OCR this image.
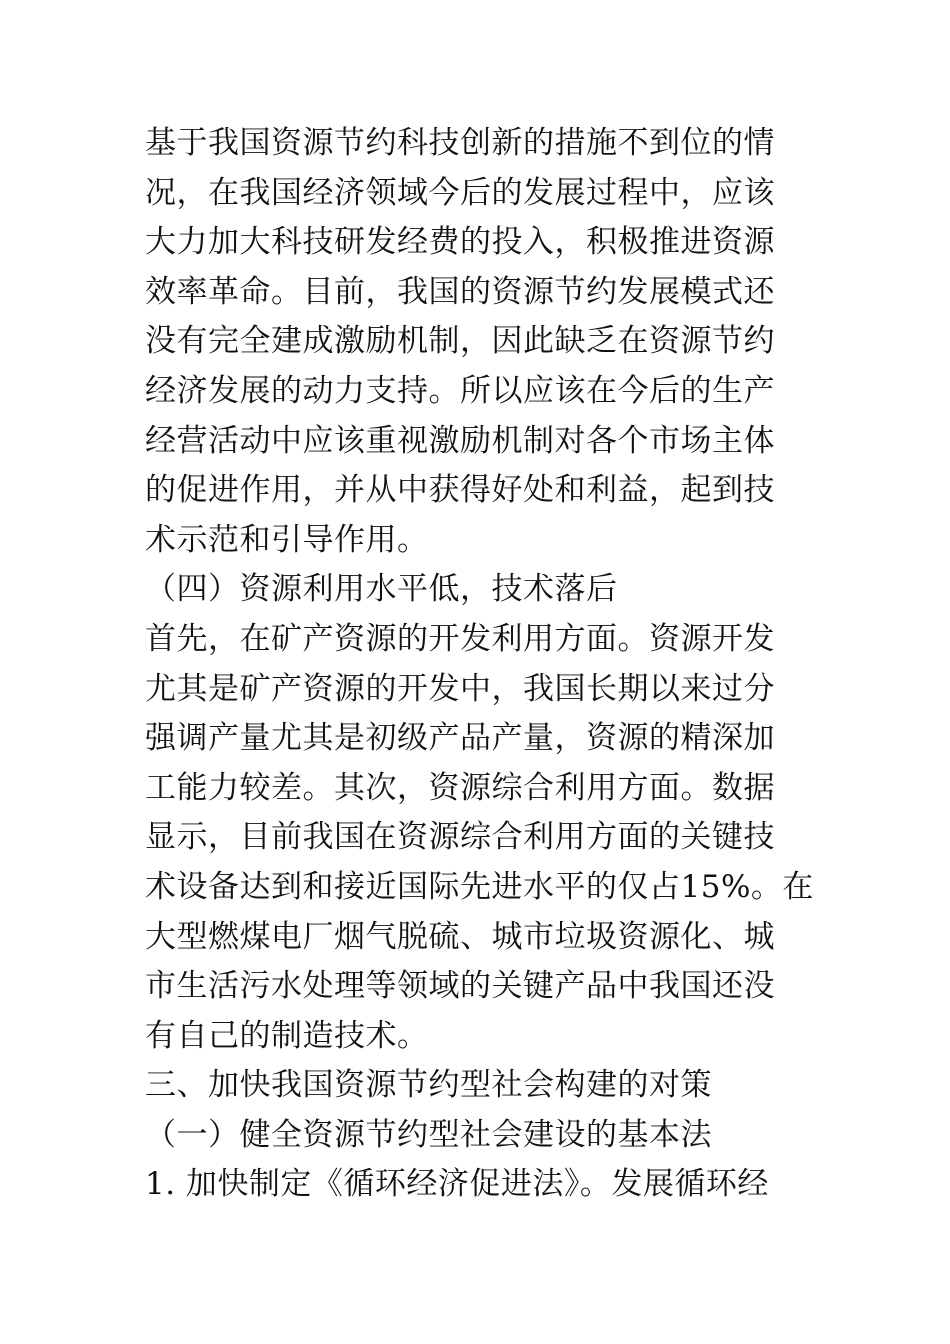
基于我国资源节约科技创新的措施不到位的情
况，在我国经济领域今后的发展过程中，应该
大力加大科技研发经费的投入，积极推进资源
效率革命。目前，我国的资源节约发展模式还
没有完全建成激励机制，因此缺乏在资源节约
经济发展的动力支持。所以应该在今后的生产
经营活动中应该重视激励机制对各个市场主体
的促进作用，并从中获得好处和利益，起到技
术示范和引导作用。
（四）资源利用水平低，技术落后
首先，在矿产资源的开发利用方面。资源开发
尤其是矿产资源的开发中，我国长期以来过分
强调产量尤其是初级产品产量，资源的精深加
工能力较差。其次，资源综合利用方面。数据
显示，目前我国在资源综合利用方面的关键技
术设备达到和接近国际先进水平的仅占15%。在
大型燃煤电厂烟气脱硫、城市垃圾资源化、城
市生活污水处理等领域的关键产品中我国还没
有自己的制造技术。
三、加快我国资源节约型社会构建的对策
（一）健全资源节约型社会建设的基本法
1. 加快制定《循环经济促进法》。发展循环经
